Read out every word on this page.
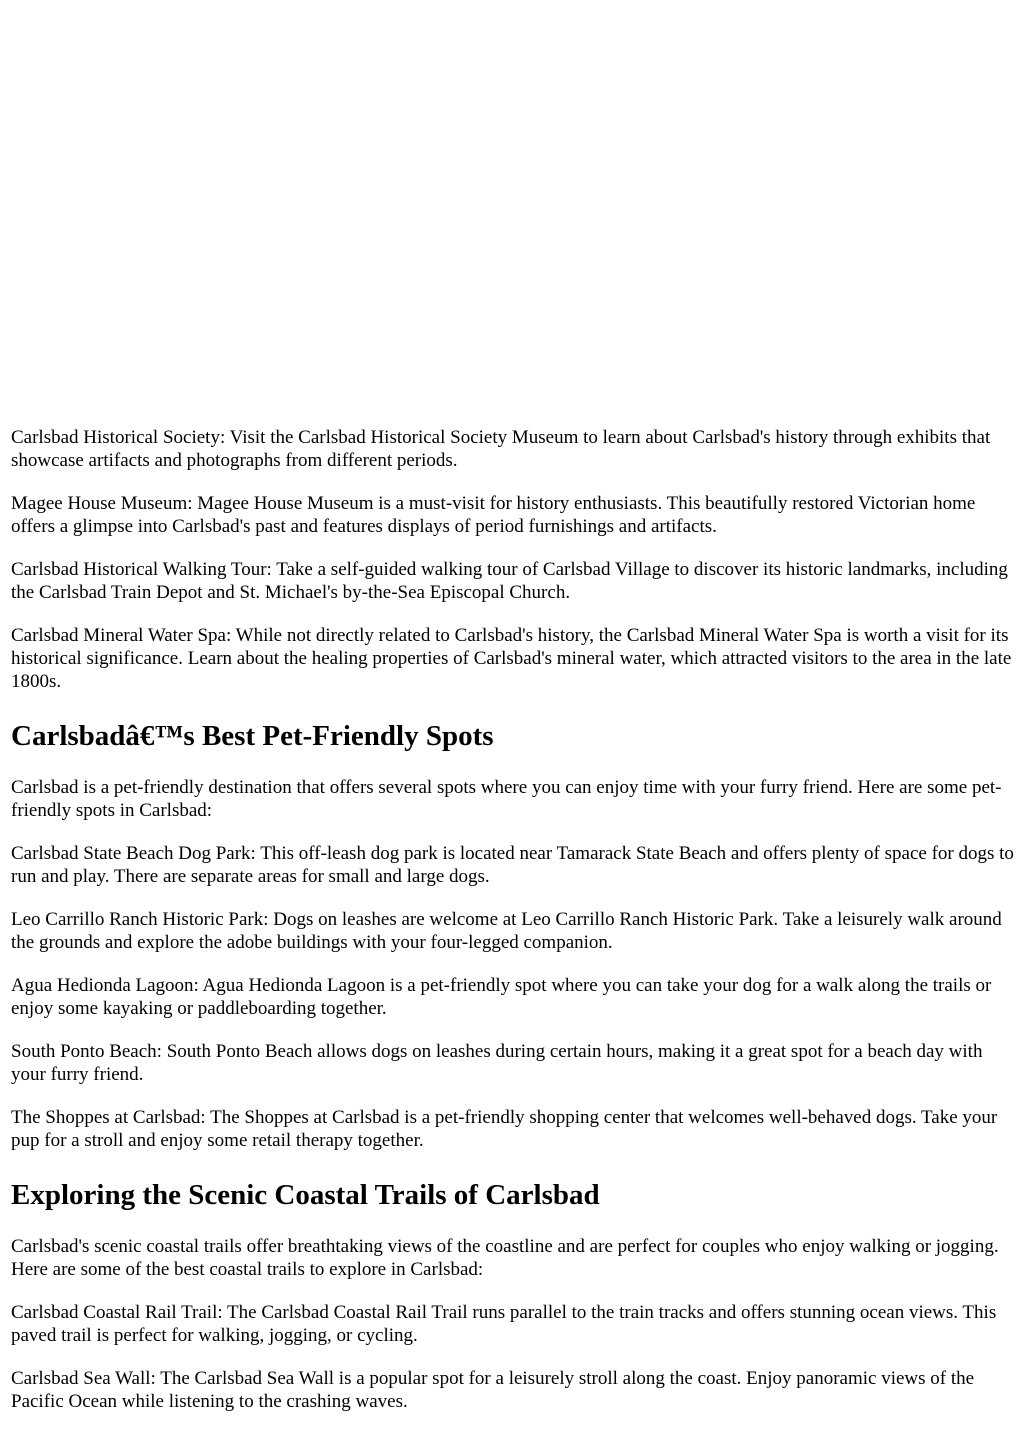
Carlsbad Historical Society: Visit the Carlsbad Historical Society Museum to learn about Carlsbad's history through exhibits that showcase artifacts and photographs from different periods.

Magee House Museum: Magee House Museum is a must-visit for history enthusiasts. This beautifully restored Victorian home offers a glimpse into Carlsbad's past and features displays of period furnishings and artifacts.

Carlsbad Historical Walking Tour: Take a self-guided walking tour of Carlsbad Village to discover its historic landmarks, including the Carlsbad Train Depot and St. Michael's by-the-Sea Episcopal Church.

Carlsbad Mineral Water Spa: While not directly related to Carlsbad's history, the Carlsbad Mineral Water Spa is worth a visit for its historical significance. Learn about the healing properties of Carlsbad's mineral water, which attracted visitors to the area in the late 1800s.

Carlsbadâ€™s Best Pet-Friendly Spots

Carlsbad is a pet-friendly destination that offers several spots where you can enjoy time with your furry friend. Here are some pet-friendly spots in Carlsbad:

Carlsbad State Beach Dog Park: This off-leash dog park is located near Tamarack State Beach and offers plenty of space for dogs to run and play. There are separate areas for small and large dogs.

Leo Carrillo Ranch Historic Park: Dogs on leashes are welcome at Leo Carrillo Ranch Historic Park. Take a leisurely walk around the grounds and explore the adobe buildings with your four-legged companion.

Agua Hedionda Lagoon: Agua Hedionda Lagoon is a pet-friendly spot where you can take your dog for a walk along the trails or enjoy some kayaking or paddleboarding together.

South Ponto Beach: South Ponto Beach allows dogs on leashes during certain hours, making it a great spot for a beach day with your furry friend.

The Shoppes at Carlsbad: The Shoppes at Carlsbad is a pet-friendly shopping center that welcomes well-behaved dogs. Take your pup for a stroll and enjoy some retail therapy together.

Exploring the Scenic Coastal Trails of Carlsbad

Carlsbad's scenic coastal trails offer breathtaking views of the coastline and are perfect for couples who enjoy walking or jogging. Here are some of the best coastal trails to explore in Carlsbad:

Carlsbad Coastal Rail Trail: The Carlsbad Coastal Rail Trail runs parallel to the train tracks and offers stunning ocean views. This paved trail is perfect for walking, jogging, or cycling.

Carlsbad Sea Wall: The Carlsbad Sea Wall is a popular spot for a leisurely stroll along the coast. Enjoy panoramic views of the Pacific Ocean while listening to the crashing waves.
